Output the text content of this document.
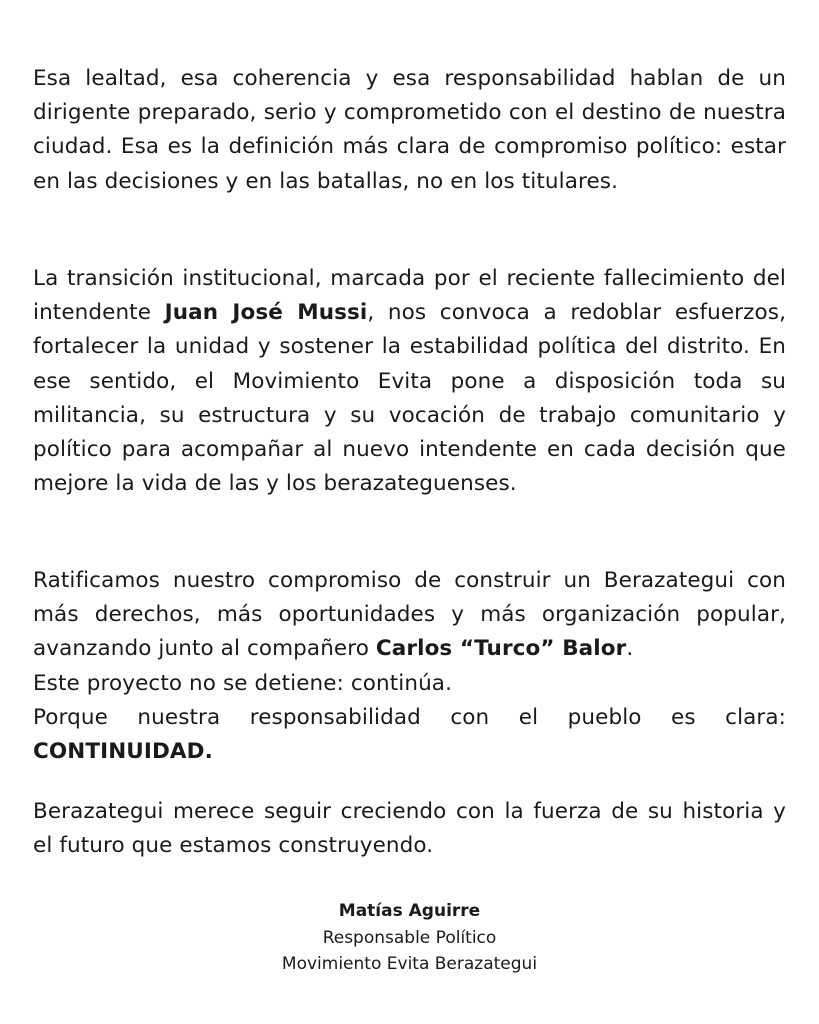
Esa lealtad, esa coherencia y esa responsabilidad hablan de un dirigente preparado, serio y comprometido con el destino de nuestra ciudad. Esa es la definición más clara de compromiso político: estar en las decisiones y en las batallas, no en los titulares.

La transición institucional, marcada por el reciente fallecimiento del intendente Juan José Mussi, nos convoca a redoblar esfuerzos, fortalecer la unidad y sostener la estabilidad política del distrito. En ese sentido, el Movimiento Evita pone a disposición toda su militancia, su estructura y su vocación de trabajo comunitario y político para acompañar al nuevo intendente en cada decisión que mejore la vida de las y los berazateguenses.

Ratificamos nuestro compromiso de construir un Berazategui con más derechos, más oportunidades y más organización popular, avanzando junto al compañero Carlos “Turco” Balor.
Este proyecto no se detiene: continúa.
Porque nuestra responsabilidad con el pueblo es clara:
CONTINUIDAD.

Berazategui merece seguir creciendo con la fuerza de su historia y el futuro que estamos construyendo.

Matías Aguirre
Responsable Político
Movimiento Evita Berazategui
